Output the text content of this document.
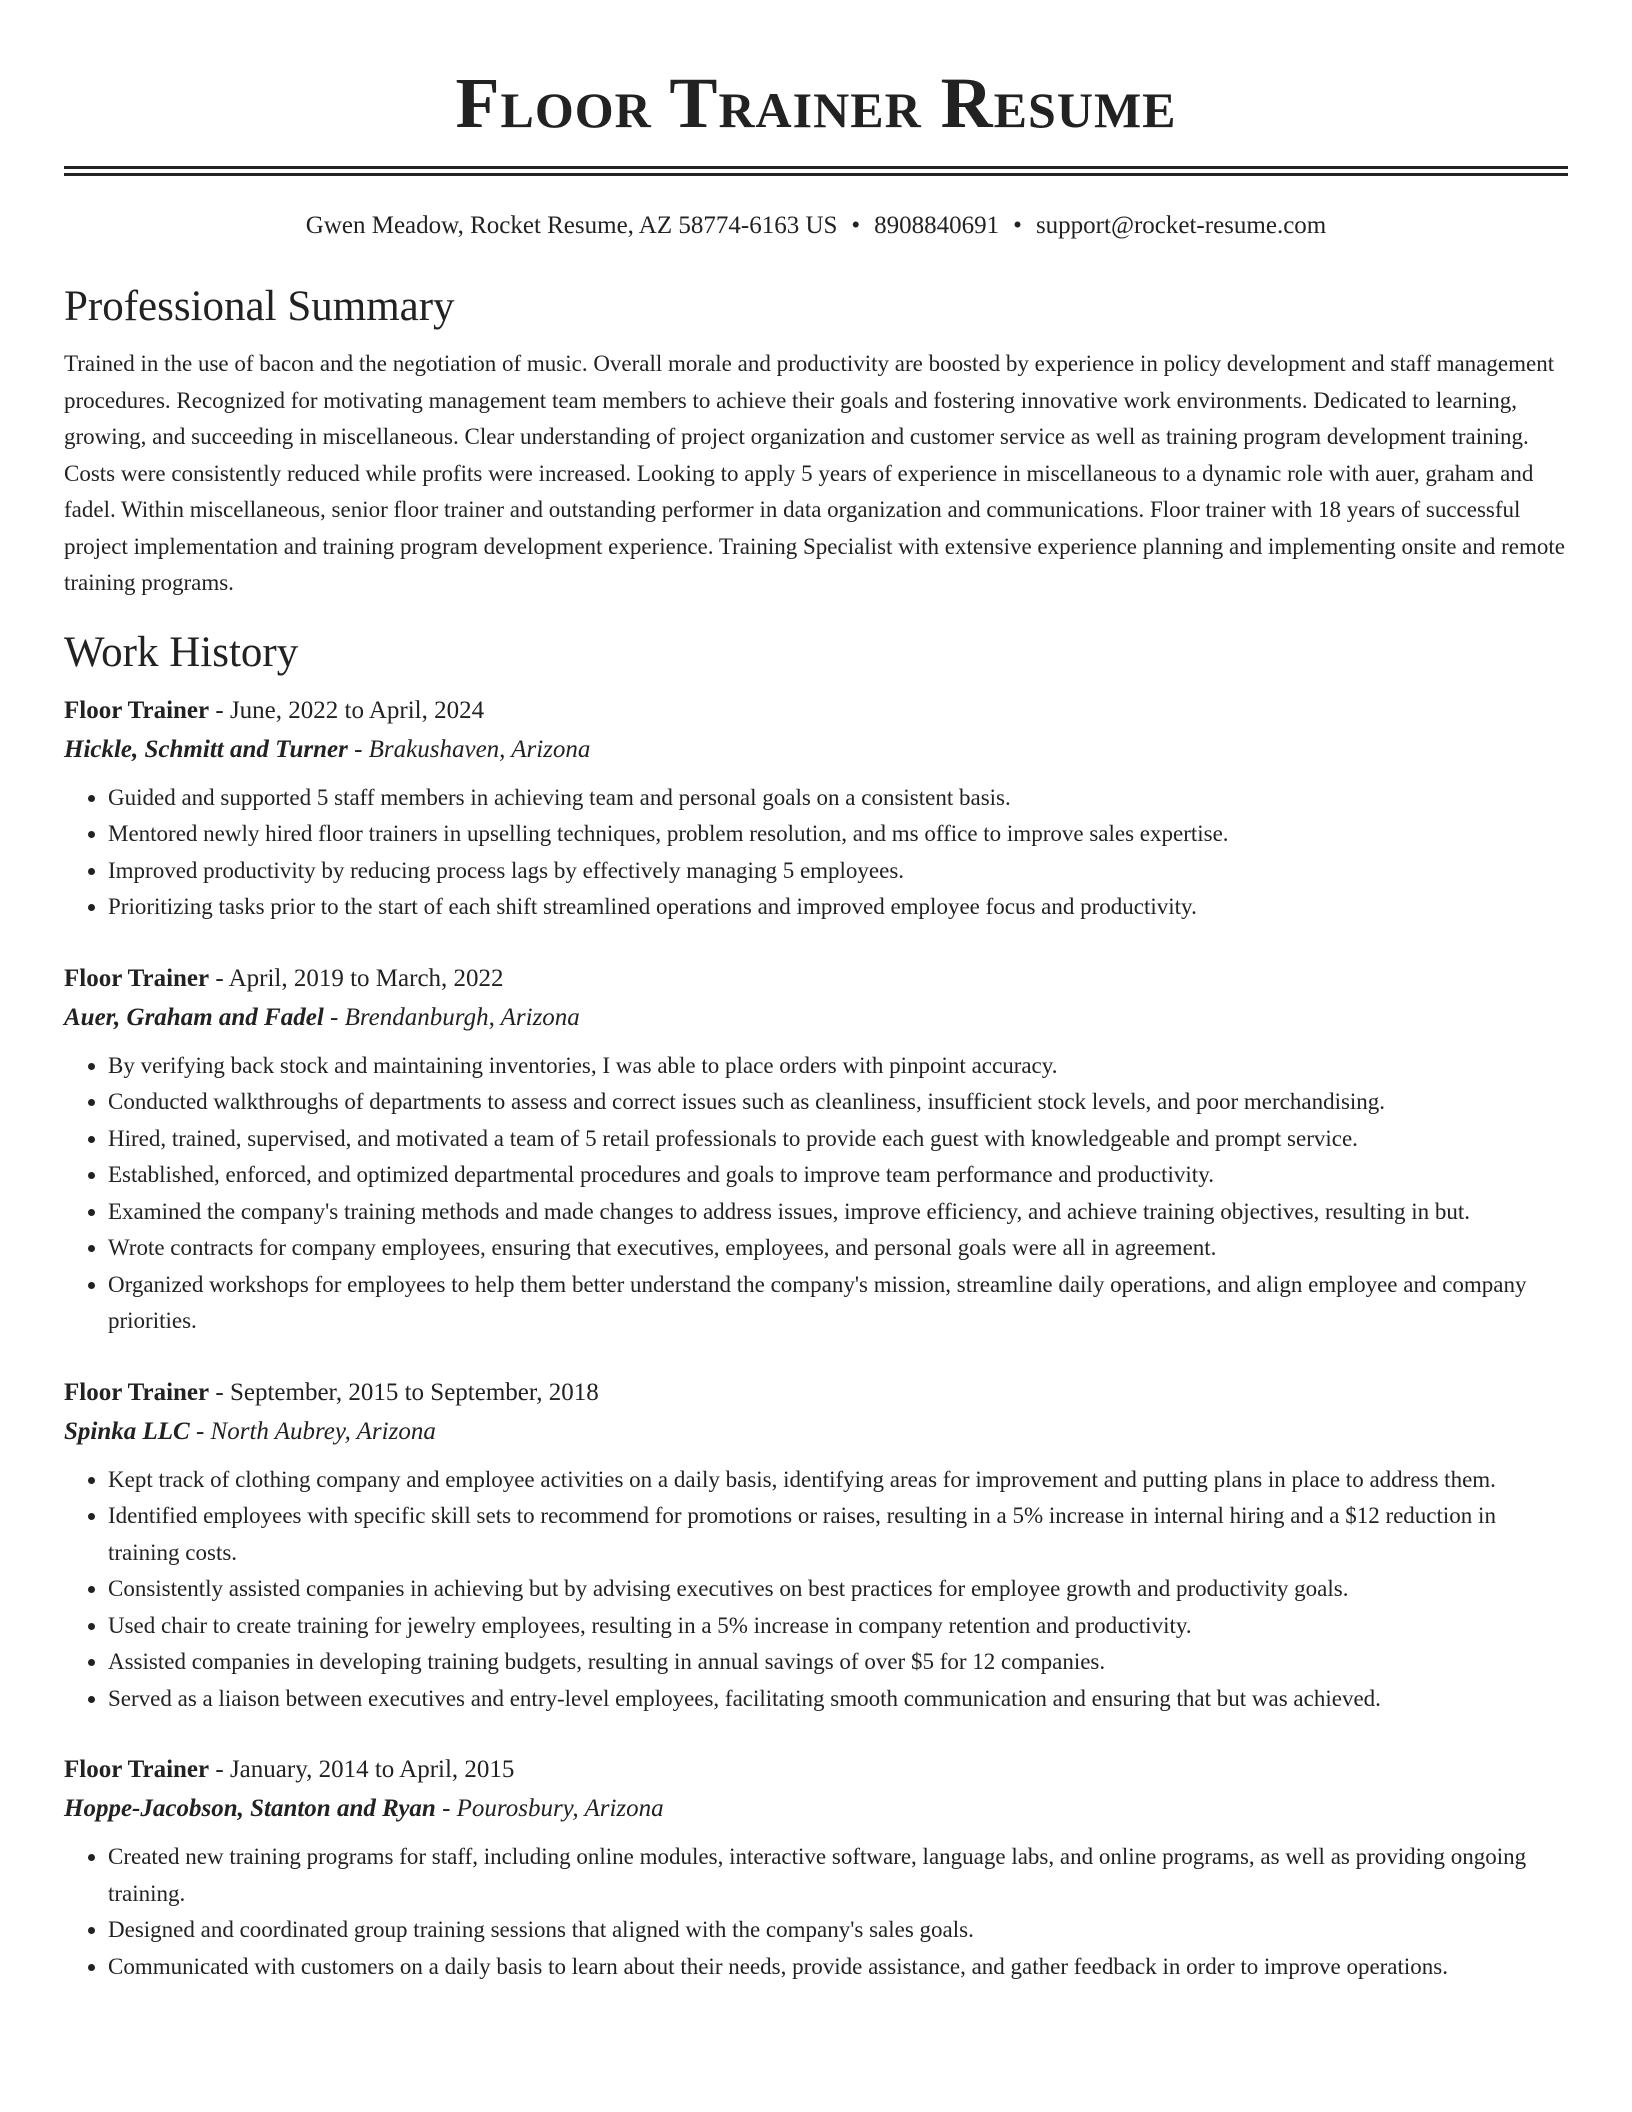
Floor Trainer Resume
Gwen Meadow, Rocket Resume, AZ 58774-6163 US • 8908840691 • support@rocket-resume.com
Professional Summary

Trained in the use of bacon and the negotiation of music. Overall morale and productivity are boosted by experience in policy development and staff management procedures. Recognized for motivating management team members to achieve their goals and fostering innovative work environments. Dedicated to learning, growing, and succeeding in miscellaneous. Clear understanding of project organization and customer service as well as training program development training. Costs were consistently reduced while profits were increased. Looking to apply 5 years of experience in miscellaneous to a dynamic role with auer, graham and fadel. Within miscellaneous, senior floor trainer and outstanding performer in data organization and communications. Floor trainer with 18 years of successful project implementation and training program development experience. Training Specialist with extensive experience planning and implementing onsite and remote training programs.

Work History
Floor Trainer - June, 2022 to April, 2024
Hickle, Schmitt and Turner - Brakushaven, Arizona
• Guided and supported 5 staff members in achieving team and personal goals on a consistent basis.
• Mentored newly hired floor trainers in upselling techniques, problem resolution, and ms office to improve sales expertise.
• Improved productivity by reducing process lags by effectively managing 5 employees.
• Prioritizing tasks prior to the start of each shift streamlined operations and improved employee focus and productivity.
Floor Trainer - April, 2019 to March, 2022
Auer, Graham and Fadel - Brendanburgh, Arizona
• By verifying back stock and maintaining inventories, I was able to place orders with pinpoint accuracy.
• Conducted walkthroughs of departments to assess and correct issues such as cleanliness, insufficient stock levels, and poor merchandising.
• Hired, trained, supervised, and motivated a team of 5 retail professionals to provide each guest with knowledgeable and prompt service.
• Established, enforced, and optimized departmental procedures and goals to improve team performance and productivity.
• Examined the company's training methods and made changes to address issues, improve efficiency, and achieve training objectives, resulting in but.
• Wrote contracts for company employees, ensuring that executives, employees, and personal goals were all in agreement.
• Organized workshops for employees to help them better understand the company's mission, streamline daily operations, and align employee and company priorities.
Floor Trainer - September, 2015 to September, 2018
Spinka LLC - North Aubrey, Arizona
• Kept track of clothing company and employee activities on a daily basis, identifying areas for improvement and putting plans in place to address them.
• Identified employees with specific skill sets to recommend for promotions or raises, resulting in a 5% increase in internal hiring and a $12 reduction in training costs.
• Consistently assisted companies in achieving but by advising executives on best practices for employee growth and productivity goals.
• Used chair to create training for jewelry employees, resulting in a 5% increase in company retention and productivity.
• Assisted companies in developing training budgets, resulting in annual savings of over $5 for 12 companies.
• Served as a liaison between executives and entry-level employees, facilitating smooth communication and ensuring that but was achieved.
Floor Trainer - January, 2014 to April, 2015
Hoppe-Jacobson, Stanton and Ryan - Pourosbury, Arizona
• Created new training programs for staff, including online modules, interactive software, language labs, and online programs, as well as providing ongoing training.
• Designed and coordinated group training sessions that aligned with the company's sales goals.
• Communicated with customers on a daily basis to learn about their needs, provide assistance, and gather feedback in order to improve operations.
